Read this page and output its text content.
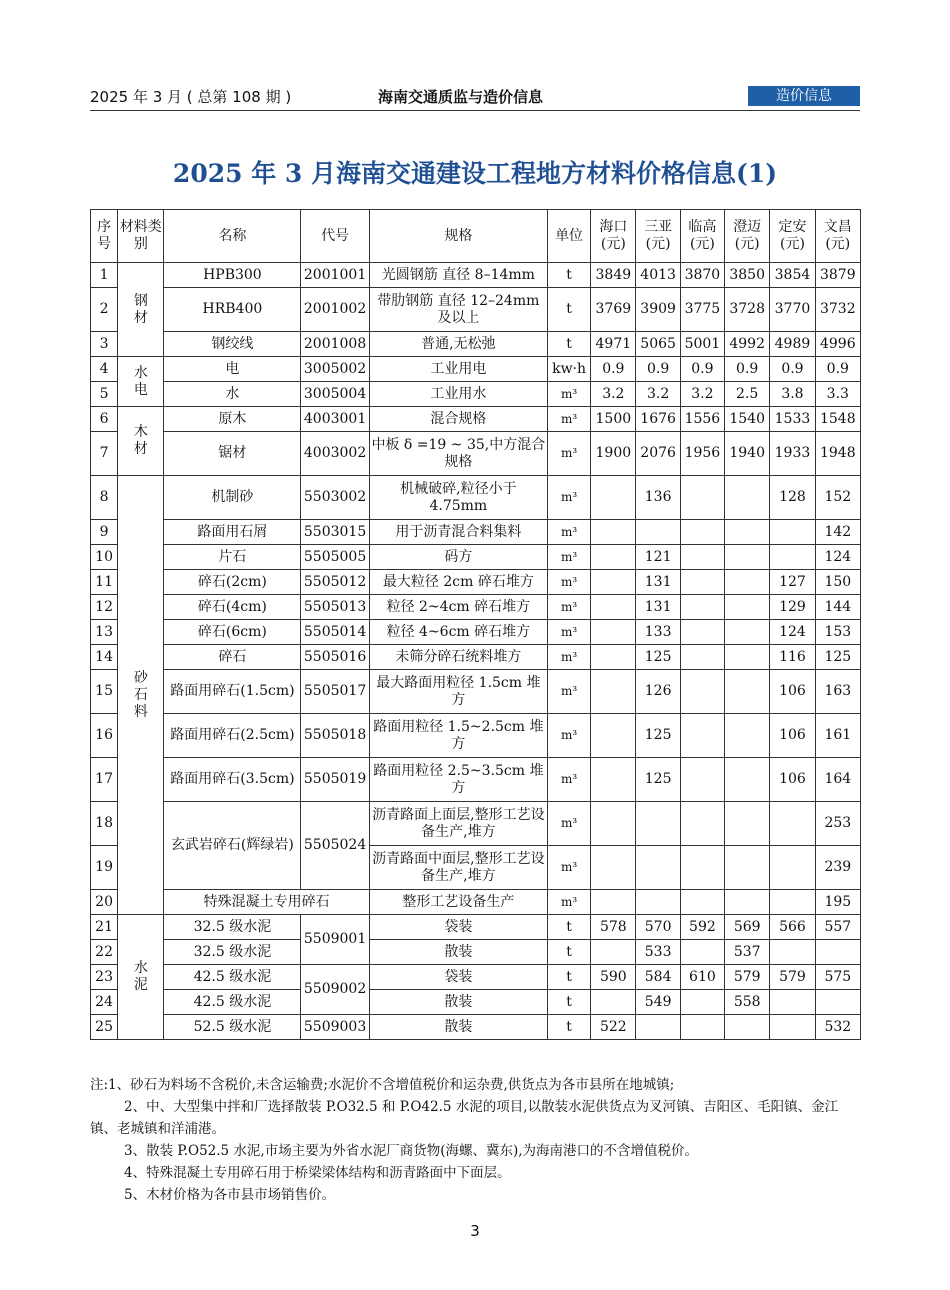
2025 年 3 月 ( 总第 108 期 )	海南交通质监与造价信息	造价信息
2025 年 3 月海南交通建设工程地方材料价格信息(1)
序号	材料类别	名称	代号	规格	单位	海口(元)	三亚(元)	临高(元)	澄迈(元)	定安(元)	文昌(元)
1	钢材	HPB300	2001001	光圆钢筋 直径 8–14mm	t	3849	4013	3870	3850	3854	3879
2		HRB400	2001002	带肋钢筋 直径 12–24mm 及以上	t	3769	3909	3775	3728	3770	3732
3		钢绞线	2001008	普通,无松弛	t	4971	5065	5001	4992	4989	4996
4	水电	电	3005002	工业用电	kw·h	0.9	0.9	0.9	0.9	0.9	0.9
5		水	3005004	工业用水	m³	3.2	3.2	3.2	2.5	3.8	3.3
6	木材	原木	4003001	混合规格	m³	1500	1676	1556	1540	1533	1548
7		锯材	4003002	中板 δ =19 ~ 35,中方混合规格	m³	1900	2076	1956	1940	1933	1948
8	砂石料	机制砂	5503002	机械破碎,粒径小于 4.75mm	m³		136			128	152
9		路面用石屑	5503015	用于沥青混合料集料	m³						142
10		片石	5505005	码方	m³		121				124
11		碎石(2cm)	5505012	最大粒径 2cm 碎石堆方	m³		131			127	150
12		碎石(4cm)	5505013	粒径 2~4cm 碎石堆方	m³		131			129	144
13		碎石(6cm)	5505014	粒径 4~6cm 碎石堆方	m³		133			124	153
14		碎石	5505016	未筛分碎石统料堆方	m³		125			116	125
15		路面用碎石(1.5cm)	5505017	最大路面用粒径 1.5cm 堆方	m³		126			106	163
16		路面用碎石(2.5cm)	5505018	路面用粒径 1.5~2.5cm 堆方	m³		125			106	161
17		路面用碎石(3.5cm)	5505019	路面用粒径 2.5~3.5cm 堆方	m³		125			106	164
18		玄武岩碎石(辉绿岩)	5505024	沥青路面上面层,整形工艺设备生产,堆方	m³						253
19				沥青路面中面层,整形工艺设备生产,堆方	m³						239
20		特殊混凝土专用碎石		整形工艺设备生产	m³						195
21	水泥	32.5 级水泥	5509001	袋装	t	578	570	592	569	566	557
22		32.5 级水泥		散装	t		533		537		
23		42.5 级水泥	5509002	袋装	t	590	584	610	579	579	575
24		42.5 级水泥		散装	t		549		558		
25		52.5 级水泥	5509003	散装	t	522					532

注:1、砂石为料场不含税价,未含运输费;水泥价不含增值税价和运杂费,供货点为各市县所在地城镇;

2、中、大型集中拌和厂选择散装 P.O32.5 和 P.O42.5 水泥的项目,以散装水泥供货点为叉河镇、吉阳区、毛阳镇、金江镇、老城镇和洋浦港。

3、散装 P.O52.5 水泥,市场主要为外省水泥厂商货物(海螺、冀东),为海南港口的不含增值税价。

4、特殊混凝土专用碎石用于桥梁梁体结构和沥青路面中下面层。

5、木材价格为各市县市场销售价。

3
